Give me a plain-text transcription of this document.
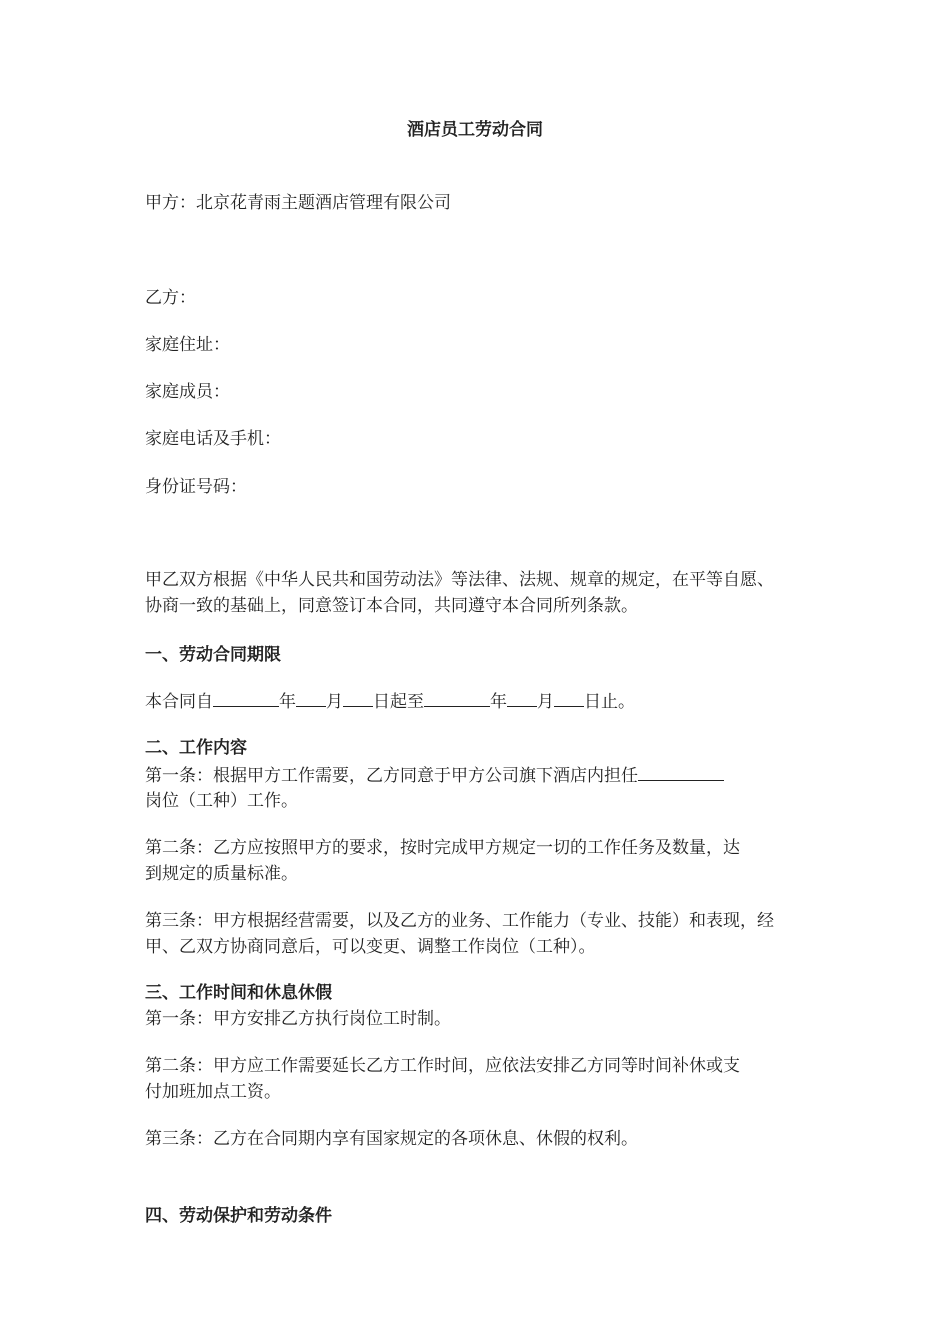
酒店员工劳动合同
甲方：北京花青雨主题酒店管理有限公司
乙方：
家庭住址：
家庭成员：
家庭电话及手机：
身份证号码：
甲乙双方根据《中华人民共和国劳动法》等法律、法规、规章的规定，在平等自愿、
协商一致的基础上，同意签订本合同，共同遵守本合同所列条款。
一、劳动合同期限
本合同自	年 月 日起至	年 月 日止。
二、工作内容
第一条：根据甲方工作需要，乙方同意于甲方公司旗下酒店内担任
岗位（工种）工作。
第二条：乙方应按照甲方的要求，按时完成甲方规定一切的工作任务及数量，达
到规定的质量标准。
第三条：甲方根据经营需要，以及乙方的业务、工作能力（专业、技能）和表现，经
甲、乙双方协商同意后，可以变更、调整工作岗位（工种）。
三、工作时间和休息休假
第一条：甲方安排乙方执行岗位工时制。
第二条：甲方应工作需要延长乙方工作时间，应依法安排乙方同等时间补休或支
付加班加点工资。
第三条：乙方在合同期内享有国家规定的各项休息、休假的权利。
四、劳动保护和劳动条件
